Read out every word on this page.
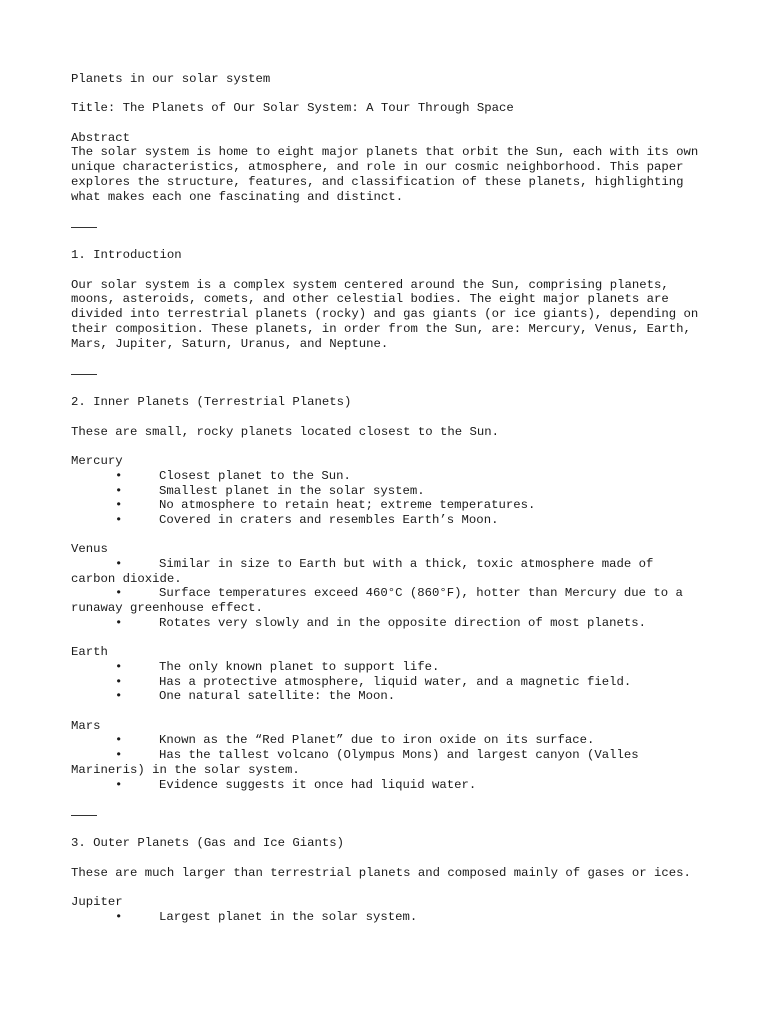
Planets in our solar system

Title: The Planets of Our Solar System: A Tour Through Space

Abstract

The solar system is home to eight major planets that orbit the Sun, each with its own unique characteristics, atmosphere, and role in our cosmic neighborhood. This paper explores the structure, features, and classification of these planets, highlighting what makes each one fascinating and distinct.

1. Introduction

Our solar system is a complex system centered around the Sun, comprising planets, moons, asteroids, comets, and other celestial bodies. The eight major planets are divided into terrestrial planets (rocky) and gas giants (or ice giants), depending on their composition. These planets, in order from the Sun, are: Mercury, Venus, Earth, Mars, Jupiter, Saturn, Uranus, and Neptune.

2. Inner Planets (Terrestrial Planets)

These are small, rocky planets located closest to the Sun.

Mercury

•	Closest planet to the Sun.

•	Smallest planet in the solar system.

•	No atmosphere to retain heat; extreme temperatures.

•	Covered in craters and resembles Earth’s Moon.

Venus

•	Similar in size to Earth but with a thick, toxic atmosphere made of carbon dioxide.

•	Surface temperatures exceed 460°C (860°F), hotter than Mercury due to a runaway greenhouse effect.

•	Rotates very slowly and in the opposite direction of most planets.

Earth

•	The only known planet to support life.

•	Has a protective atmosphere, liquid water, and a magnetic field.

•	One natural satellite: the Moon.

Mars

•	Known as the “Red Planet” due to iron oxide on its surface.

•	Has the tallest volcano (Olympus Mons) and largest canyon (Valles Marineris) in the solar system.

•	Evidence suggests it once had liquid water.

3. Outer Planets (Gas and Ice Giants)

These are much larger than terrestrial planets and composed mainly of gases or ices.

Jupiter

•	Largest planet in the solar system.
